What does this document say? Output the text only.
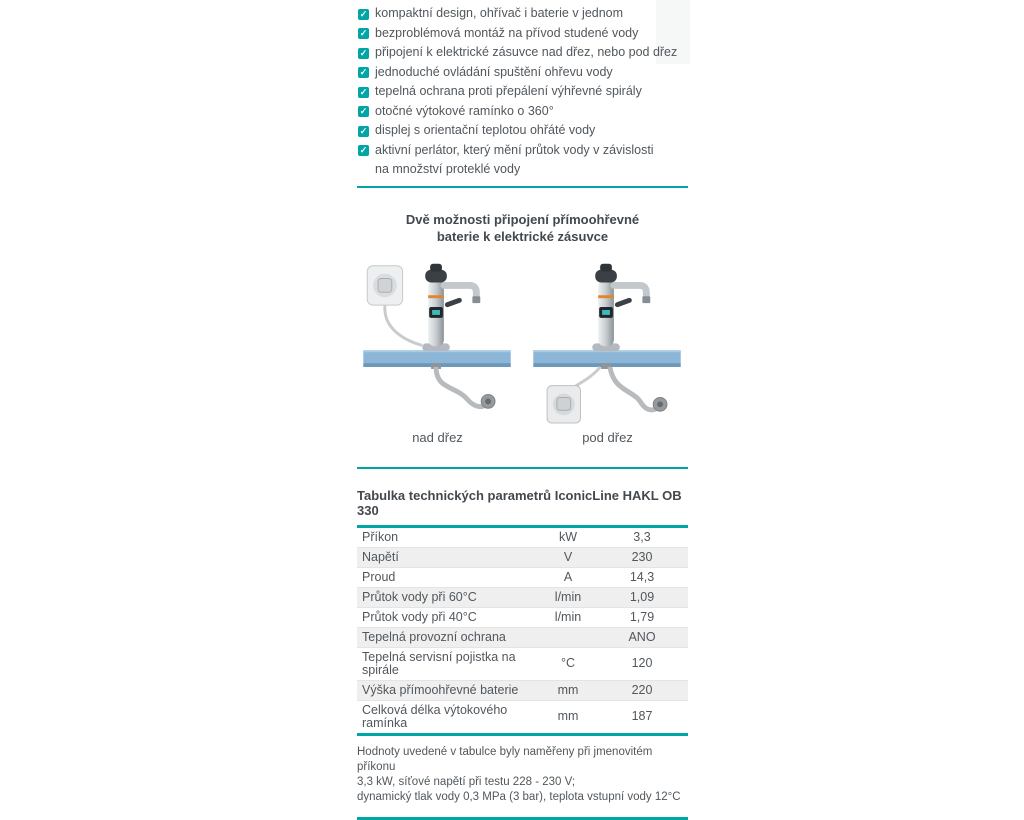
✓ kompaktní design, ohřívač i baterie v jednom
✓ bezproblémová montáž na přívod studené vody
✓ připojení k elektrické zásuvce nad dřez, nebo pod dřez
✓ jednoduché ovládání spuštění ohřevu vody
✓ tepelná ochrana proti přepálení výhřevné spirály
✓ otočné výtokové ramínko o 360°
✓ displej s orientační teplotou ohřáté vody
✓ aktivní perlátor, který mění průtok vody v závislosti
na množství proteklé vody
Dvě možnosti připojení přímoohřevné
baterie k elektrické zásuvce
nad dřez	pod dřez
Tabulka technických parametrů IconicLine HAKL OB 330
Příkon	kW	3,3
Napětí	V	230
Proud	A	14,3
Průtok vody při 60°C	l/min	1,09
Průtok vody při 40°C	l/min	1,79
Tepelná provozní ochrana		ANO
Tepelná servisní pojistka na spirále	°C	120
Výška přímoohřevné baterie	mm	220
Celková délka výtokového ramínka	mm	187
Hodnoty uvedené v tabulce byly naměřeny při jmenovitém příkonu
3,3 kW, síťové napětí při testu 228 - 230 V;
dynamický tlak vody 0,3 MPa (3 bar), teplota vstupní vody 12°C
